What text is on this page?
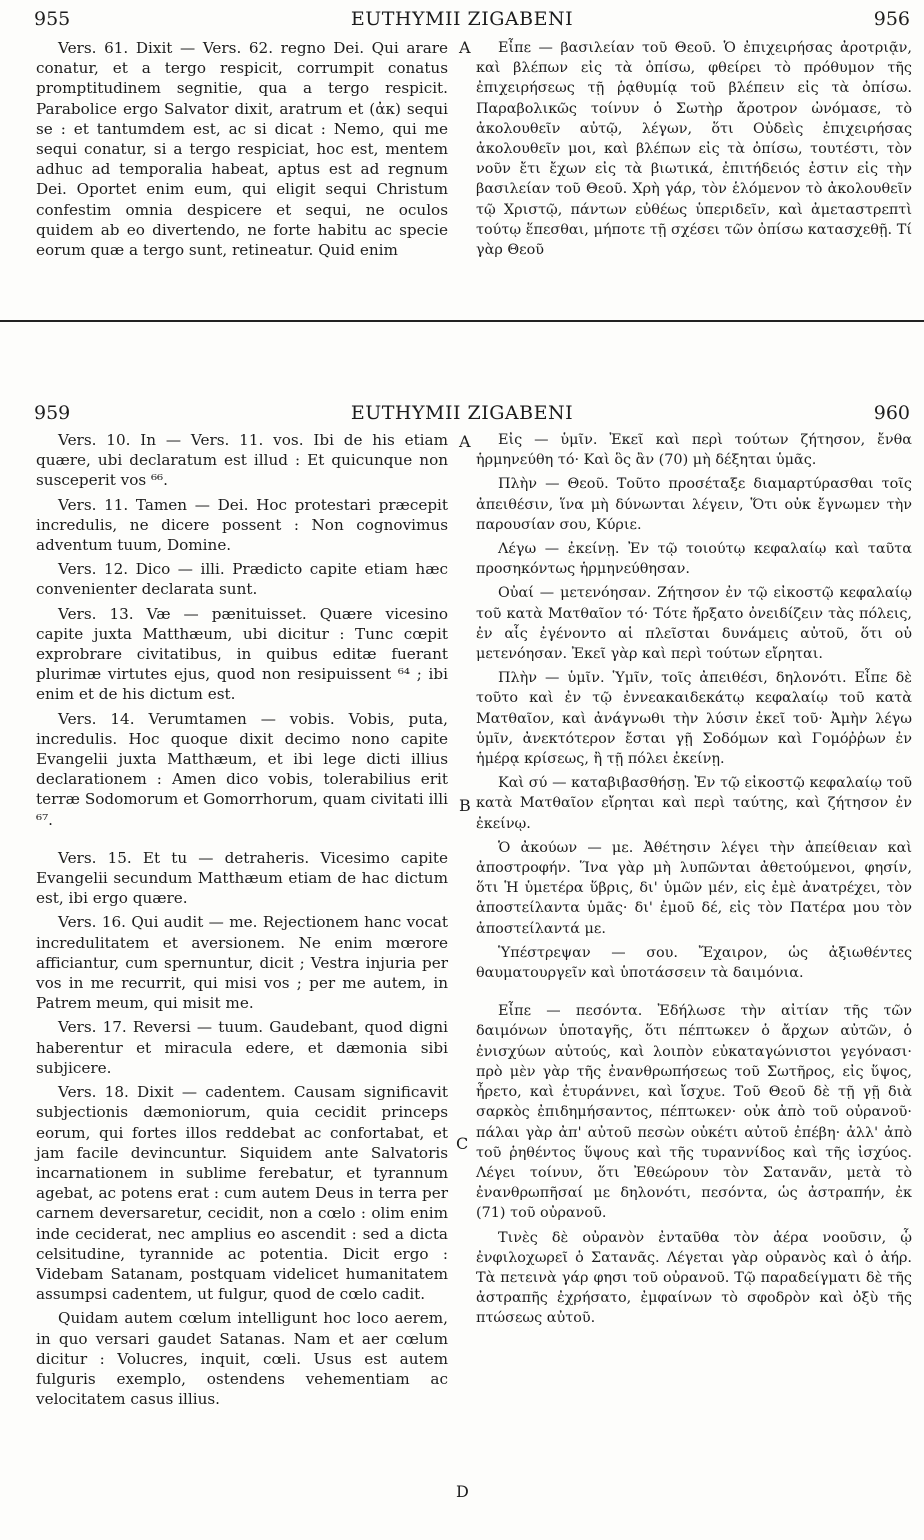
955	EUTHYMII ZIGABENI	956

Vers. 61. Dixit — Vers. 62. regno Dei. Qui arare conatur, et a tergo respicit, corrumpit conatus promptitudinem segnitie, qua a tergo respicit. Parabolice ergo Salvator dixit, aratrum et (ἀκ) sequi se : et tantumdem est, ac si dicat : Nemo, qui me sequi conatur, si a tergo respiciat, hoc est, mentem adhuc ad temporalia habeat, aptus est ad regnum Dei. Oportet enim eum, qui eligit sequi Christum confestim omnia despicere et sequi, ne oculos quidem ab eo divertendo, ne forte habitu ac specie eorum quæ a tergo sunt, retineatur. Quid enim

Εἶπε — βασιλείαν τοῦ Θεοῦ. Ὁ ἐπιχειρήσας ἀροτριᾷν, καὶ βλέπων εἰς τὰ ὀπίσω, φθείρει τὸ πρόθυμον τῆς ἐπιχειρήσεως τῇ ῥᾳθυμίᾳ τοῦ βλέπειν εἰς τὰ ὀπίσω. Παραβολικῶς τοίνυν ὁ Σωτὴρ ἄροτρον ὠνόμασε, τὸ ἀκολουθεῖν αὐτῷ, λέγων, ὅτι Οὐδεὶς ἐπιχειρήσας ἀκολουθεῖν μοι, καὶ βλέπων εἰς τὰ ὀπίσω, τουτέστι, τὸν νοῦν ἔτι ἔχων εἰς τὰ βιωτικά, ἐπιτήδειός ἐστιν εἰς τὴν βασιλείαν τοῦ Θεοῦ. Χρὴ γάρ, τὸν ἑλόμενον τὸ ἀκολουθεῖν τῷ Χριστῷ, πάντων εὐθέως ὑπεριδεῖν, καὶ ἀμεταστρεπτὶ τούτῳ ἕπεσθαι, μήποτε τῇ σχέσει τῶν ὀπίσω κατασχεθῇ. Τί γὰρ Θεοῦ

A
959	EUTHYMII ZIGABENI	960

Vers. 10. In — Vers. 11. vos. Ibi de his etiam quære, ubi declaratum est illud : Et quicunque non susceperit vos ⁶⁶.

Vers. 11. Tamen — Dei. Hoc protestari præcepit incredulis, ne dicere possent : Non cognovimus adventum tuum, Domine.

Vers. 12. Dico — illi. Prædicto capite etiam hæc convenienter declarata sunt.

Vers. 13. Væ — pænituisset. Quære vicesino capite juxta Matthæum, ubi dicitur : Tunc cœpit exprobrare civitatibus, in quibus editæ fuerant plurimæ virtutes ejus, quod non resipuissent ⁶⁴ ; ibi enim et de his dictum est.

Vers. 14. Verumtamen — vobis. Vobis, puta, incredulis. Hoc quoque dixit decimo nono capite Evangelii juxta Matthæum, et ibi lege dicti illius declarationem : Amen dico vobis, tolerabilius erit terræ Sodomorum et Gomorrhorum, quam civitati illi ⁶⁷.

Vers. 15. Et tu — detraheris. Vicesimo capite Evangelii secundum Matthæum etiam de hac dictum est, ibi ergo quære.

Vers. 16. Qui audit — me. Rejectionem hanc vocat incredulitatem et aversionem. Ne enim mœrore afficiantur, cum spernuntur, dicit ; Vestra injuria per vos in me recurrit, qui misi vos ; per me autem, in Patrem meum, qui misit me.

Vers. 17. Reversi — tuum. Gaudebant, quod digni haberentur et miracula edere, et dæmonia sibi subjicere.

Vers. 18. Dixit — cadentem. Causam significavit subjectionis dæmoniorum, quia cecidit princeps eorum, qui fortes illos reddebat ac confortabat, et jam facile devincuntur. Siquidem ante Salvatoris incarnationem in sublime ferebatur, et tyrannum agebat, ac potens erat : cum autem Deus in terra per carnem deversaretur, cecidit, non a cœlo : olim enim inde ceciderat, nec amplius eo ascendit : sed a dicta celsitudine, tyrannide ac potentia. Dicit ergo : Videbam Satanam, postquam videlicet humanitatem assumpsi cadentem, ut fulgur, quod de cœlo cadit.

Quidam autem cœlum intelligunt hoc loco aerem, in quo versari gaudet Satanas. Nam et aer cœlum dicitur : Volucres, inquit, cœli. Usus est autem fulguris exemplo, ostendens vehementiam ac velocitatem casus illius.

Εἰς — ὑμῖν. Ἐκεῖ καὶ περὶ τούτων ζήτησον, ἔνθα ἡρμηνεύθη τό· Καὶ ὃς ἂν (70) μὴ δέξηται ὑμᾶς.

Πλὴν — Θεοῦ. Τοῦτο προσέταξε διαμαρτύρασθαι τοῖς ἀπειθέσιν, ἵνα μὴ δύνωνται λέγειν, Ὅτι οὐκ ἔγνωμεν τὴν παρουσίαν σου, Κύριε.

Λέγω — ἐκείνῃ. Ἐν τῷ τοιούτῳ κεφαλαίῳ καὶ ταῦτα προσηκόντως ἡρμηνεύθησαν.

Οὐαί — μετενόησαν. Ζήτησον ἐν τῷ εἰκοστῷ κεφαλαίῳ τοῦ κατὰ Ματθαῖον τό· Τότε ἤρξατο ὀνειδίζειν τὰς πόλεις, ἐν αἷς ἐγένοντο αἱ πλεῖσται δυνάμεις αὐτοῦ, ὅτι οὐ μετενόησαν. Ἐκεῖ γὰρ καὶ περὶ τούτων εἴρηται.

Πλὴν — ὑμῖν. Ὑμῖν, τοῖς ἀπειθέσι, δηλονότι. Εἶπε δὲ τοῦτο καὶ ἐν τῷ ἐννεακαιδεκάτῳ κεφαλαίῳ τοῦ κατὰ Ματθαῖον, καὶ ἀνάγνωθι τὴν λύσιν ἐκεῖ τοῦ· Ἀμὴν λέγω ὑμῖν, ἀνεκτότερον ἔσται γῇ Σοδόμων καὶ Γομόῤῥων ἐν ἡμέρᾳ κρίσεως, ἢ τῇ πόλει ἐκείνῃ.

Καὶ σύ — καταβιβασθήσῃ. Ἐν τῷ εἰκοστῷ κεφαλαίῳ τοῦ κατὰ Ματθαῖον εἴρηται καὶ περὶ ταύτης, καὶ ζήτησον ἐν ἐκείνῳ.

Ὁ ἀκούων — με. Ἀθέτησιν λέγει τὴν ἀπείθειαν καὶ ἀποστροφήν. Ἵνα γὰρ μὴ λυπῶνται ἀθετούμενοι, φησίν, ὅτι Ἡ ὑμετέρα ὕβρις, δι' ὑμῶν μέν, εἰς ἐμὲ ἀνατρέχει, τὸν ἀποστείλαντα ὑμᾶς· δι' ἐμοῦ δέ, εἰς τὸν Πατέρα μου τὸν ἀποστείλαντά με.

Ὑπέστρεψαν — σου. Ἔχαιρον, ὡς ἀξιωθέντες θαυματουργεῖν καὶ ὑποτάσσειν τὰ δαιμόνια.

Εἶπε — πεσόντα. Ἐδήλωσε τὴν αἰτίαν τῆς τῶν δαιμόνων ὑποταγῆς, ὅτι πέπτωκεν ὁ ἄρχων αὐτῶν, ὁ ἐνισχύων αὐτούς, καὶ λοιπὸν εὐκαταγώνιστοι γεγόνασι· πρὸ μὲν γὰρ τῆς ἐνανθρωπήσεως τοῦ Σωτῆρος, εἰς ὕψος, ἦρετο, καὶ ἐτυράννει, καὶ ἴσχυε. Τοῦ Θεοῦ δὲ τῇ γῇ διὰ σαρκὸς ἐπιδημήσαντος, πέπτωκεν· οὐκ ἀπὸ τοῦ οὐρανοῦ· πάλαι γὰρ ἀπ' αὐτοῦ πεσὼν οὐκέτι αὐτοῦ ἐπέβη· ἀλλ' ἀπὸ τοῦ ῥηθέντος ὕψους καὶ τῆς τυραννίδος καὶ τῆς ἰσχύος. Λέγει τοίνυν, ὅτι Ἐθεώρουν τὸν Σατανᾶν, μετὰ τὸ ἐνανθρωπῆσαί με δηλονότι, πεσόντα, ὡς ἀστραπήν, ἐκ (71) τοῦ οὐρανοῦ.

Τινὲς δὲ οὐρανὸν ἐνταῦθα τὸν ἀέρα νοοῦσιν, ᾧ ἐνφιλοχωρεῖ ὁ Σατανᾶς. Λέγεται γὰρ οὐρανὸς καὶ ὁ ἀήρ. Τὰ πετεινὰ γάρ φησι τοῦ οὐρανοῦ. Τῷ παραδείγματι δὲ τῆς ἀστραπῆς ἐχρήσατο, ἐμφαίνων τὸ σφοδρὸν καὶ ὀξὺ τῆς πτώσεως αὐτοῦ.

A
B
C
D
